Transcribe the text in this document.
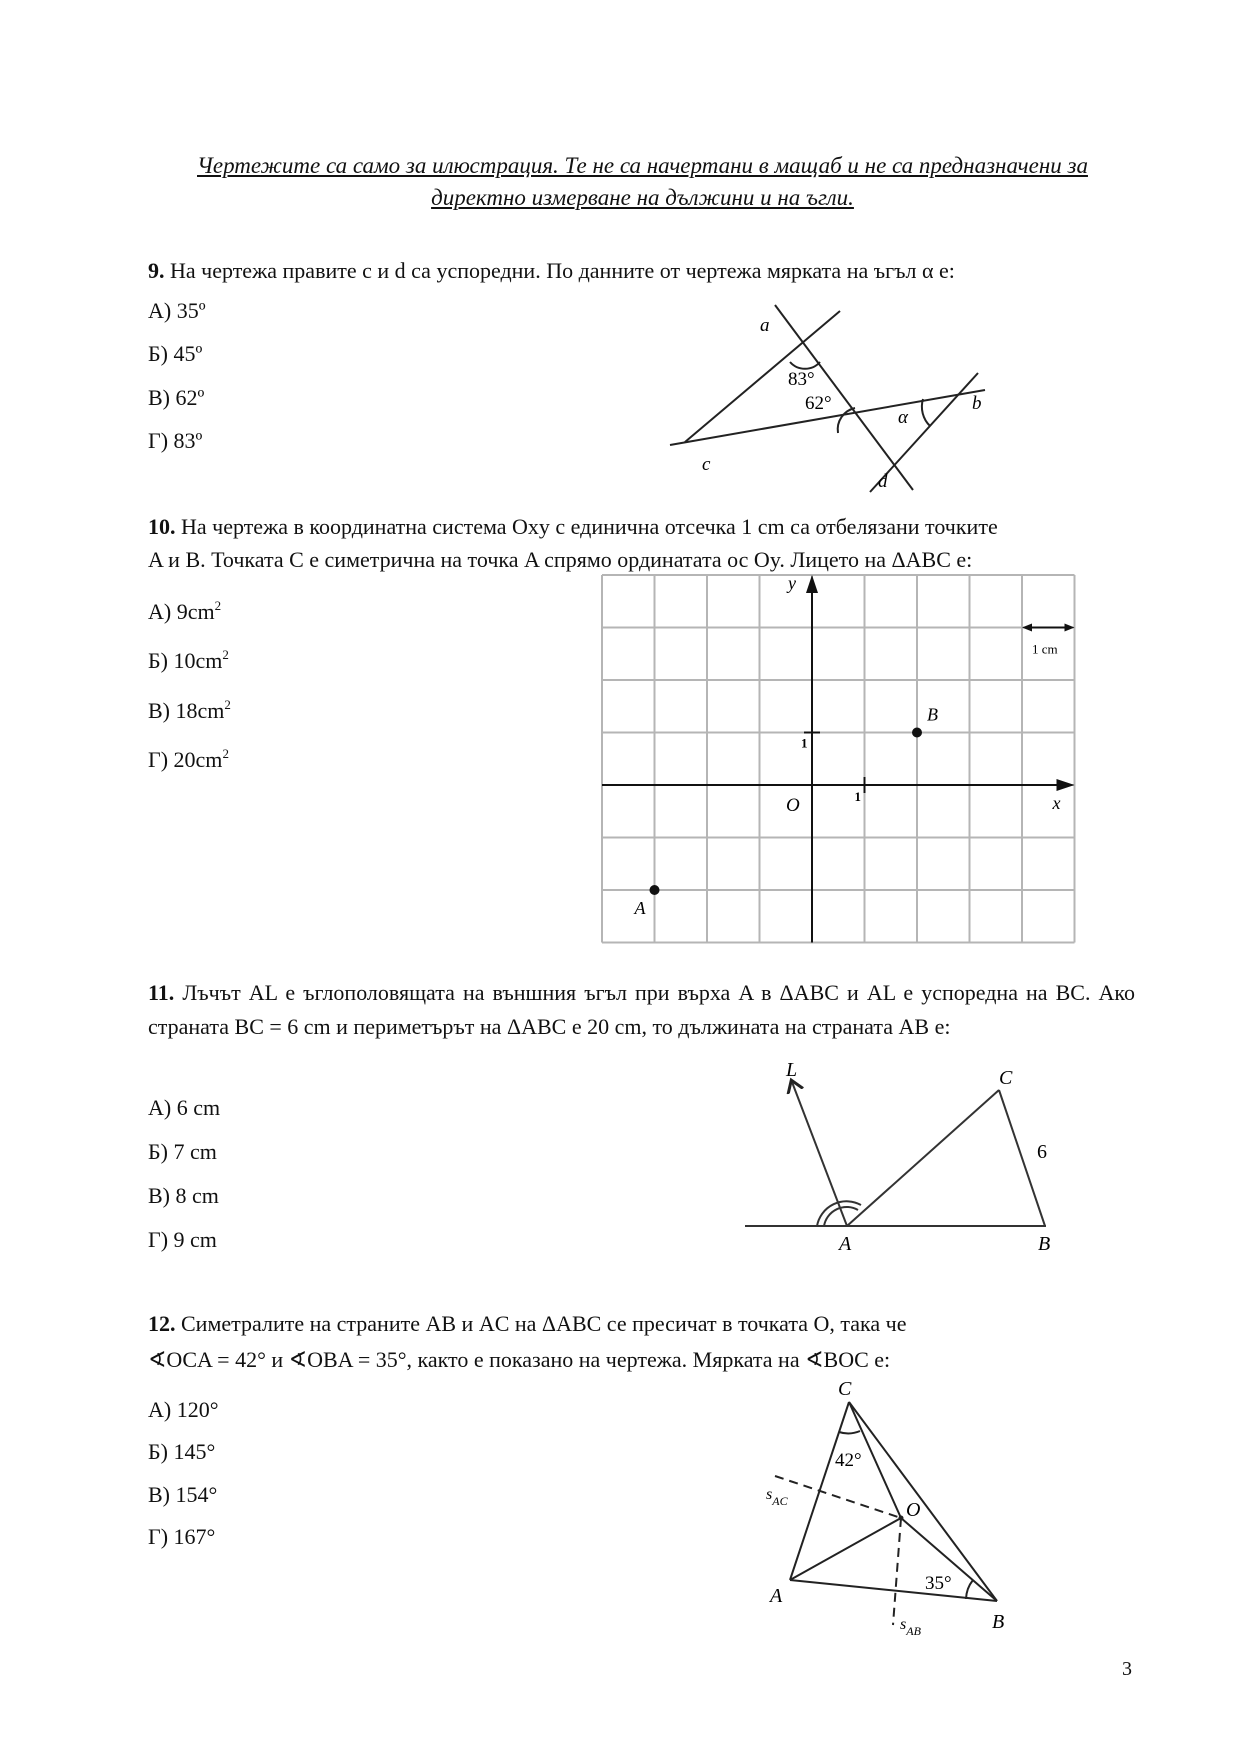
Чертежите са само за илюстрация. Те не са начертани в мащаб и не са предназначени за
директно измерване на дължини и на ъгли.
9. На чертежа правите c и d са успоредни. По данните от чертежа мярката на ъгъл α е:
А) 35º
Б) 45º
В) 62º
Г) 83º
a
b
c
d
83°
62°
α
10. На чертежа в координатна система Oxy с единична отсечка 1 cm са отбелязани точките
A и B. Точката C е симетрична на точка A спрямо ординатата ос Oy. Лицето на ΔABC е:
А) $9cm^2$
Б) $10cm^2$
В) $18cm^2$
Г) $20cm^2$
y
x
O	1
1
1 cm
A
B
11. Лъчът AL е ъглополовящата на външния ъгъл при върха A в ΔABC и AL е успоредна на BC. Ако страната BC = 6 cm и периметърът на ΔABC е 20 cm, то дължината на страната AB е:
А) 6 cm
Б) 7 cm
В) 8 cm
Г) 9 cm
L	C
A	B
6
12. Симетралите на страните AB и AC на ΔABC се пресичат в точката O, така че
∢OCA = 42° и ∢OBA = 35°, както е показано на чертежа. Мярката на ∢BOC е:
А) 120°
Б) 145°
В) 154°
Г) 167°
C
A
B
O
42°
35°
$s_{AC}$
$s_{AB}$
3
